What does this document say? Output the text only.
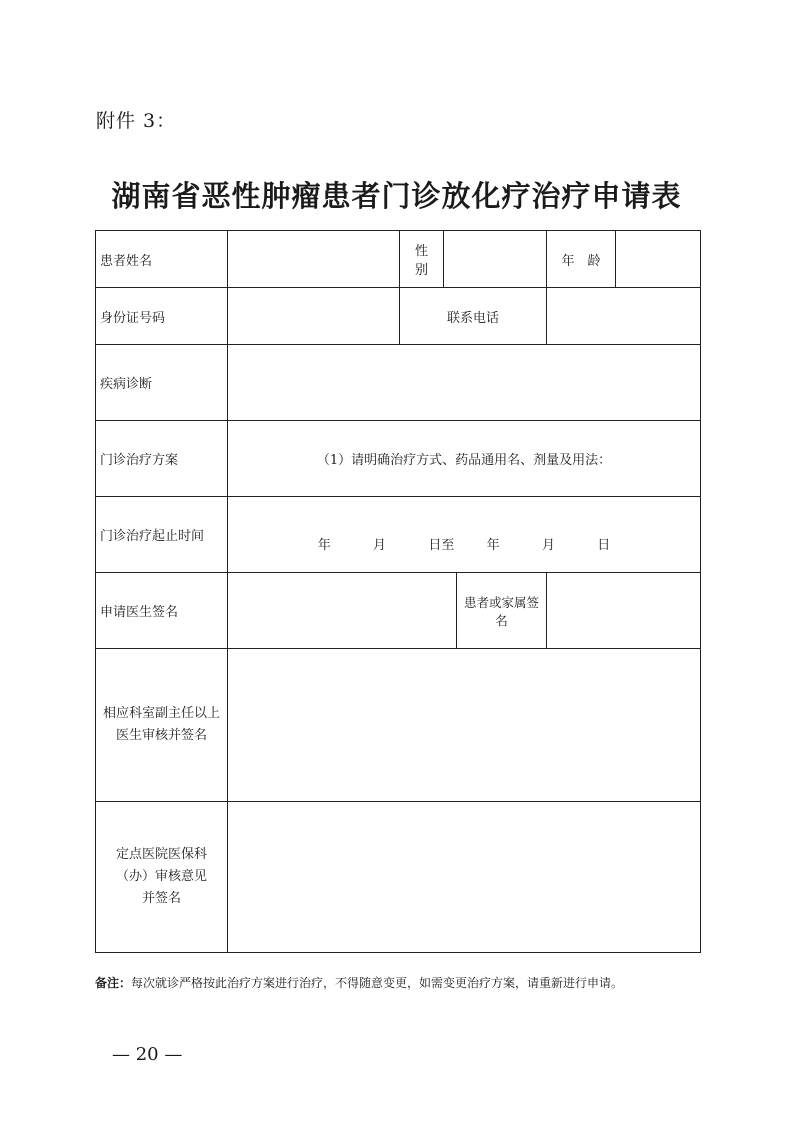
附件 3：
湖南省恶性肿瘤患者门诊放化疗治疗申请表
患者姓名		性　别			年　龄	
身份证号码		联系电话				
疾病诊断						
门诊治疗方案	（1）请明确治疗方式、药品通用名、剂量及用法：					
门诊治疗起止时间	年 月 日至 年 月 日					

申请医生签名				患者或家属签名		

相应科室副主任以上
医生审核并签名						

定点医院医保科
（办）审核意见
并签名						

备注：每次就诊严格按此治疗方案进行治疗，不得随意变更，如需变更治疗方案，请重新进行申请。
— 20 —
